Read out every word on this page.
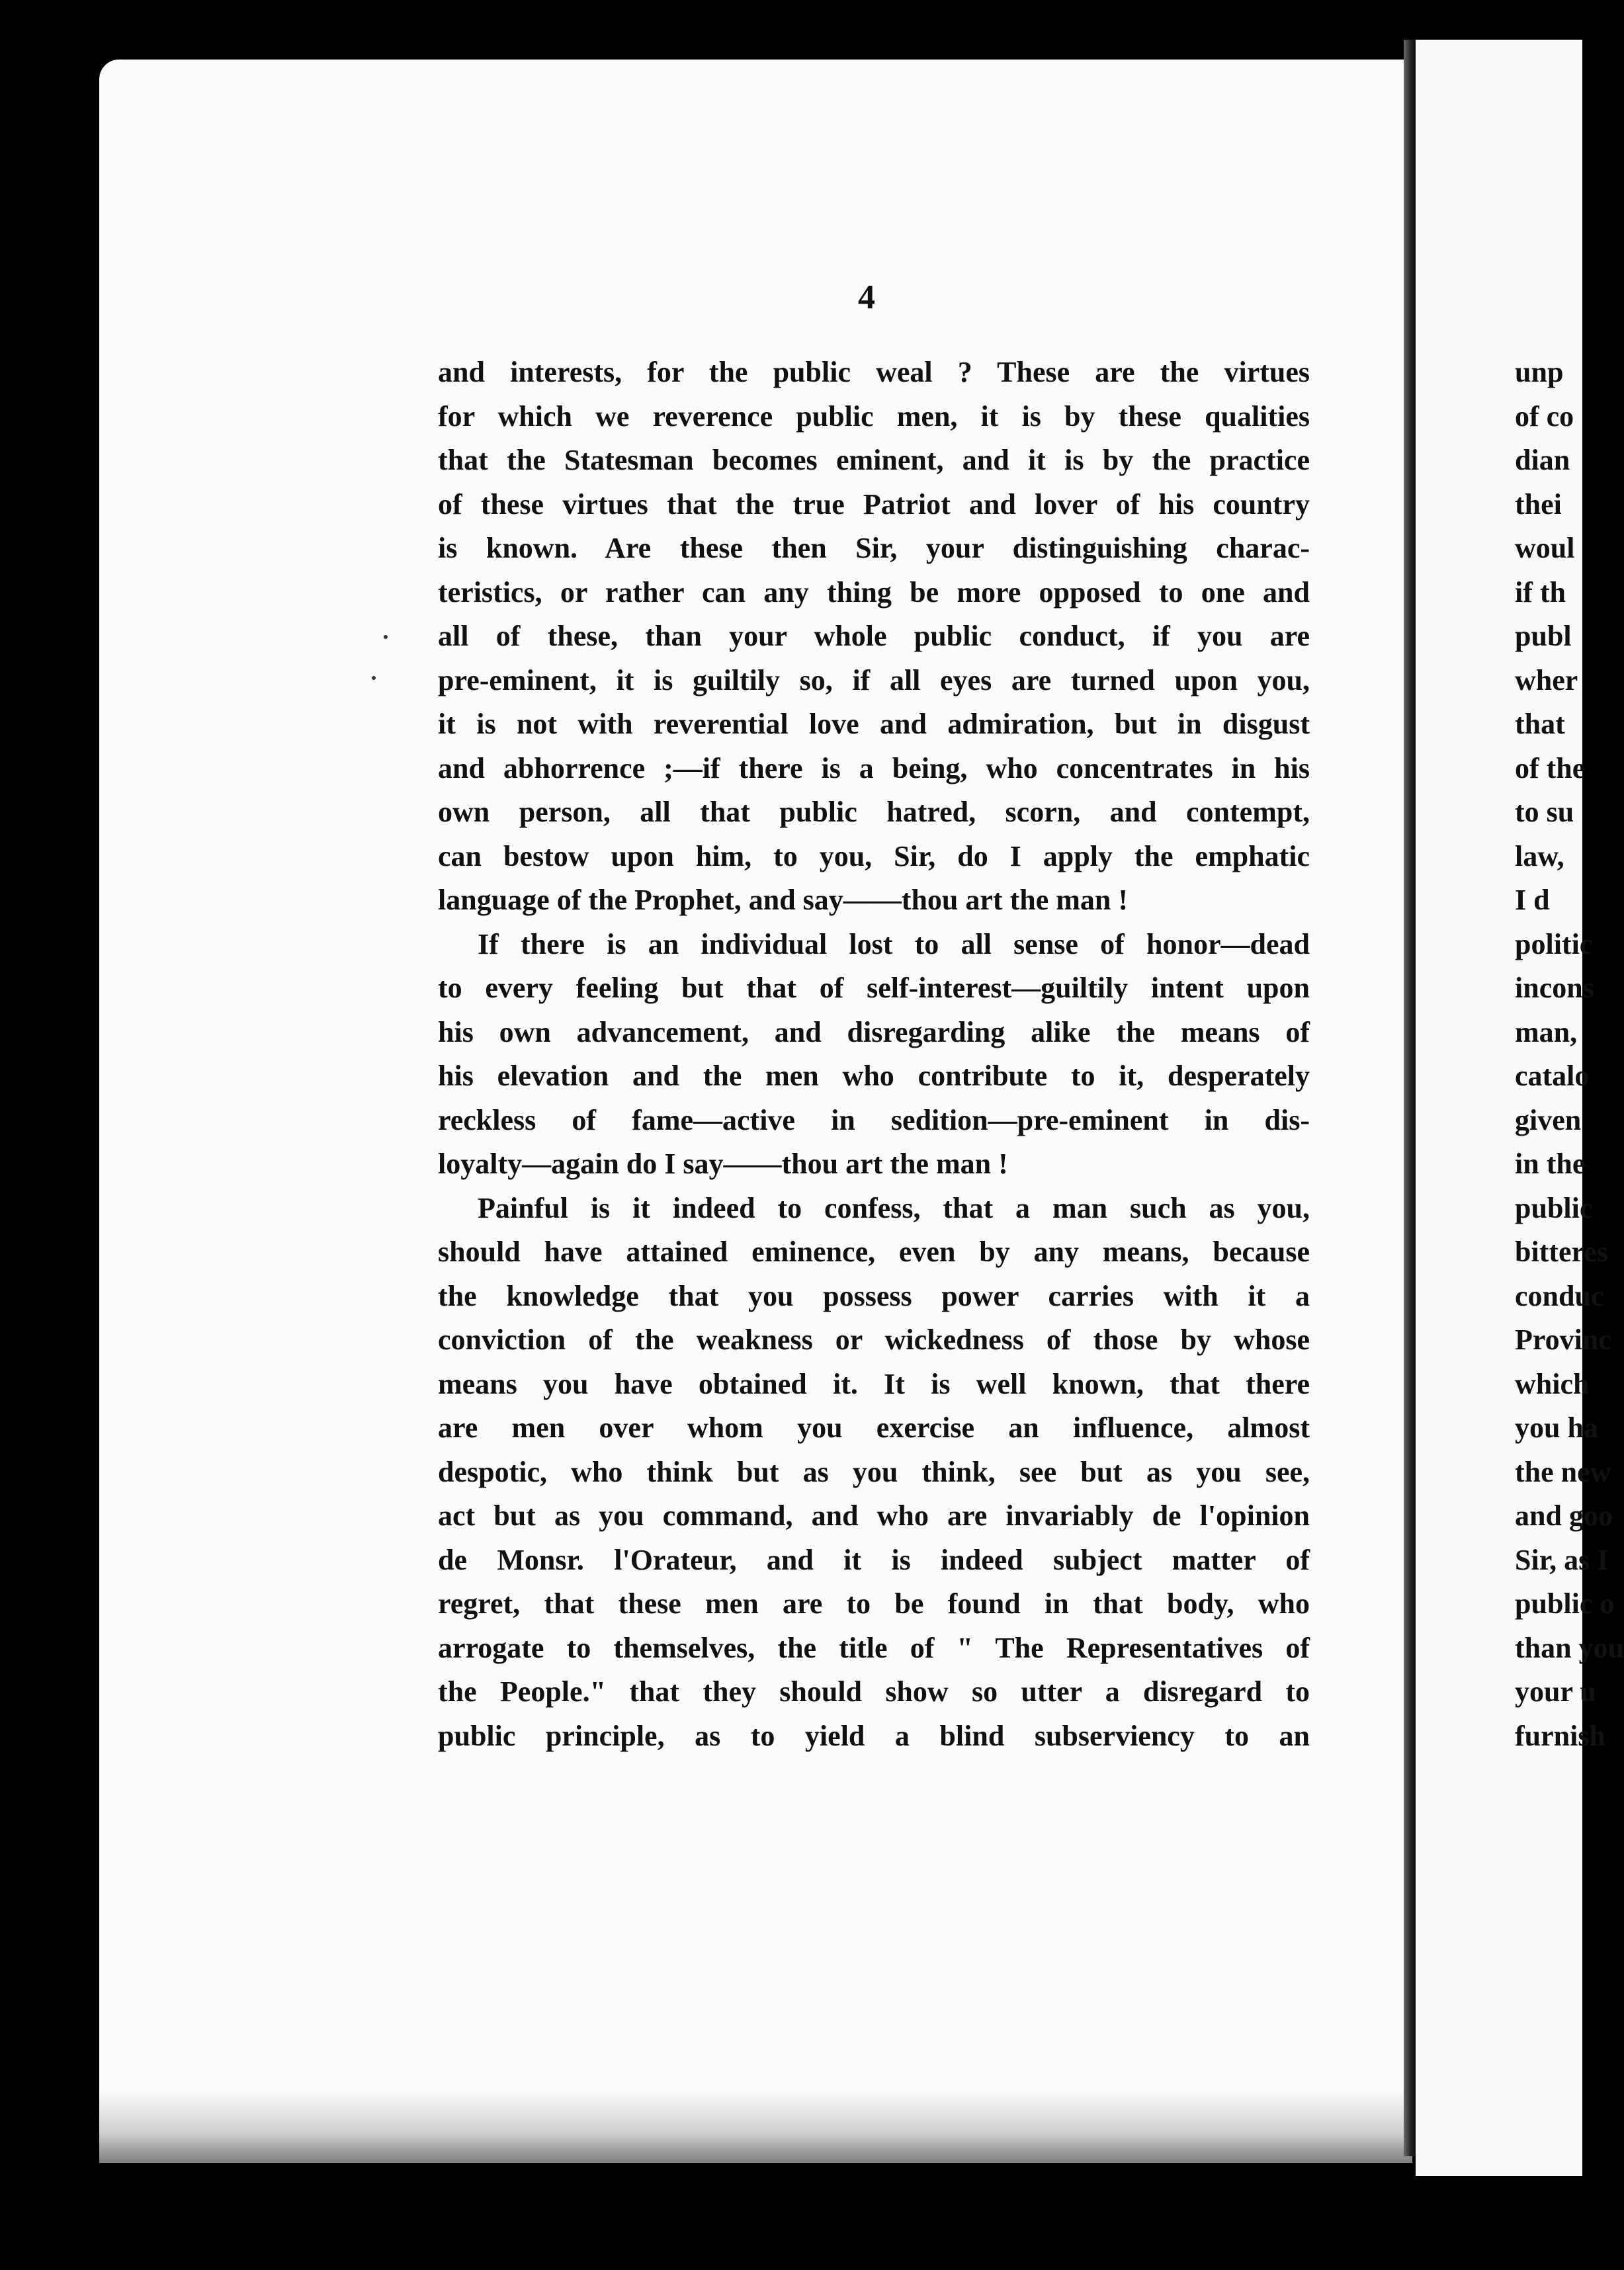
4
and interests, for the public weal ? These are the virtues
for which we reverence public men, it is by these qualities
that the Statesman becomes eminent, and it is by the practice
of these virtues that the true Patriot and lover of his country
is known. Are these then Sir, your distinguishing charac-
teristics, or rather can any thing be more opposed to one and
all of these, than your whole public conduct, if you are
pre-eminent, it is guiltily so, if all eyes are turned upon you,
it is not with reverential love and admiration, but in disgust
and abhorrence ;—if there is a being, who concentrates in his
own person, all that public hatred, scorn, and contempt,
can bestow upon him, to you, Sir, do I apply the emphatic
language of the Prophet, and say——thou art the man !
If there is an individual lost to all sense of honor—dead
to every feeling but that of self-interest—guiltily intent upon
his own advancement, and disregarding alike the means of
his elevation and the men who contribute to it, desperately
reckless of fame—active in sedition—pre-eminent in dis-
loyalty—again do I say——thou art the man !
Painful is it indeed to confess, that a man such as you,
should have attained eminence, even by any means, because
the knowledge that you possess power carries with it a
conviction of the weakness or wickedness of those by whose
means you have obtained it. It is well known, that there
are men over whom you exercise an influence, almost
despotic, who think but as you think, see but as you see,
act but as you command, and who are invariably de l'opinion
de Monsr. l'Orateur, and it is indeed subject matter of
regret, that these men are to be found in that body, who
arrogate to themselves, the title of " The Representatives of
the People." that they should show so utter a disregard to
public principle, as to yield a blind subserviency to an
unp
of co
dian
thei
woul
if th
publ
wher
that
of the
to su
law,
I d
politic
incons
man,
catalo
given
in the
public
bitteres
conduc
Provinc
which
you ha
the new
and goo
Sir, as I
public o
than you
your u
furnish
